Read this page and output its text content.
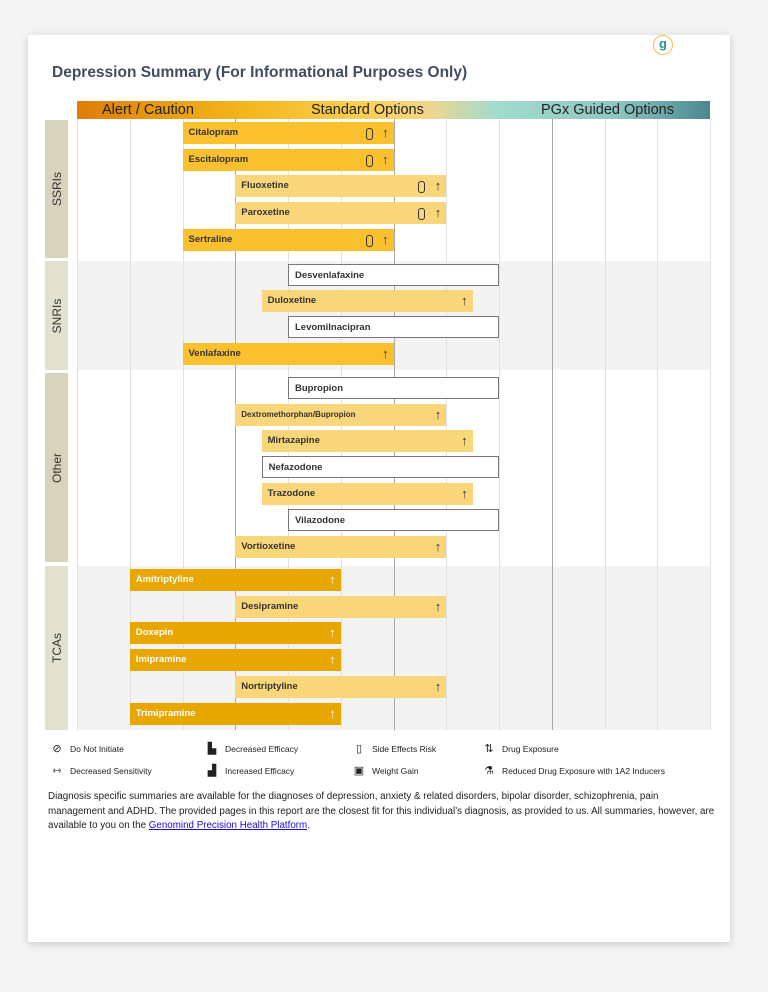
g
Depression Summary (For Informational Purposes Only)
Alert / Caution	Standard Options	PGx Guided Options
SSRIs
SNRIs
Other
TCAs
Citalopram	↑
Escitalopram	↑
Fluoxetine	↑
Paroxetine	↑
Sertraline	↑
Desvenlafaxine
Duloxetine	↑
Levomilnacipran
Venlafaxine	↑
Bupropion
Dextromethorphan/Bupropion	↑
Mirtazapine	↑
Nefazodone
Trazodone	↑
Vilazodone
Vortioxetine	↑
Amitriptyline	↑
Desipramine	↑
Doxepin	↑
Imipramine	↑
Nortriptyline	↑
Trimipramine	↑
⊘ Do Not Initiate	▙ Decreased Efficacy	▯ Side Effects Risk	⇅ Drug Exposure
⇿ Decreased Sensitivity	▟ Increased Efficacy	▣ Weight Gain	⚗ Reduced Drug Exposure with 1A2 Inducers
Diagnosis specific summaries are available for the diagnoses of depression, anxiety & related disorders, bipolar disorder, schizophrenia, pain management and ADHD. The provided pages in this report are the closest fit for this individual’s diagnosis, as provided to us. All summaries, however, are available to you on the Genomind Precision Health Platform.
